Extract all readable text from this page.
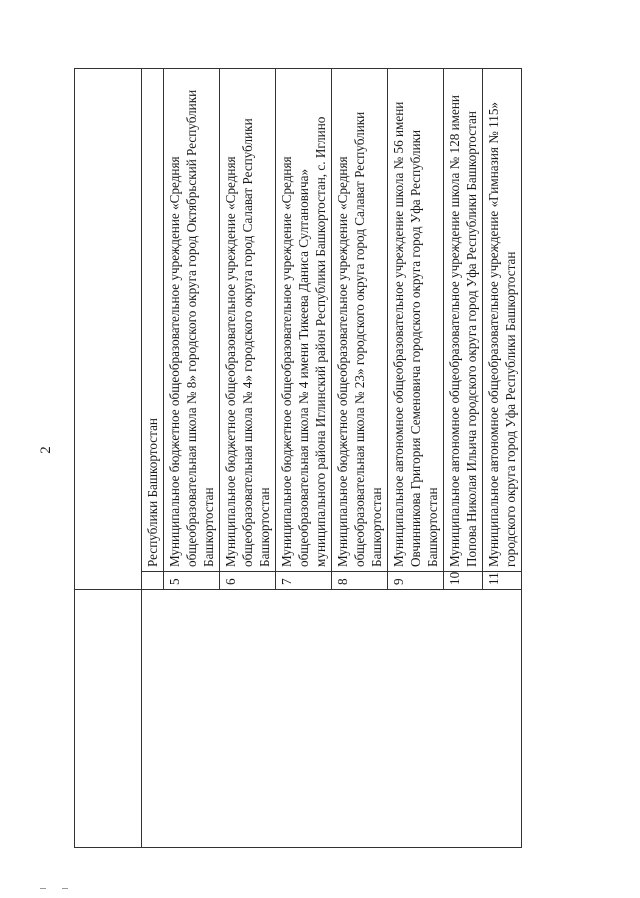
2

			Республики Башкортостан
	5	Муниципальное бюджетное общеобразовательное учреждение «Средняя общеобразовательная школа № 8» городского округа город Октябрьский Республики Башкортостан
	6	Муниципальное бюджетное общеобразовательное учреждение «Средняя общеобразовательная школа № 4» городского округа город Салават Республики Башкортостан
	7	Муниципальное бюджетное общеобразовательное учреждение «Средняя общеобразовательная школа № 4 имени Тикеева Даниса Султановича» муниципального района Иглинский район Республики Башкортостан, с. Иглино
	8	Муниципальное бюджетное общеобразовательное учреждение «Средняя общеобразовательная школа № 23» городского округа город Салават Республики Башкортостан
	9	Муниципальное автономное общеобразовательное учреждение школа № 56 имени Овчинникова Григория Семеновича городского округа город Уфа Республики Башкортостан
	10	Муниципальное автономное общеобразовательное учреждение школа № 128 имени Попова Николая Ильича городского округа город Уфа Республики Башкортостан
	11	Муниципальное автономное общеобразовательное учреждение «Гимназия № 115» городского округа город Уфа Республики Башкортостан
